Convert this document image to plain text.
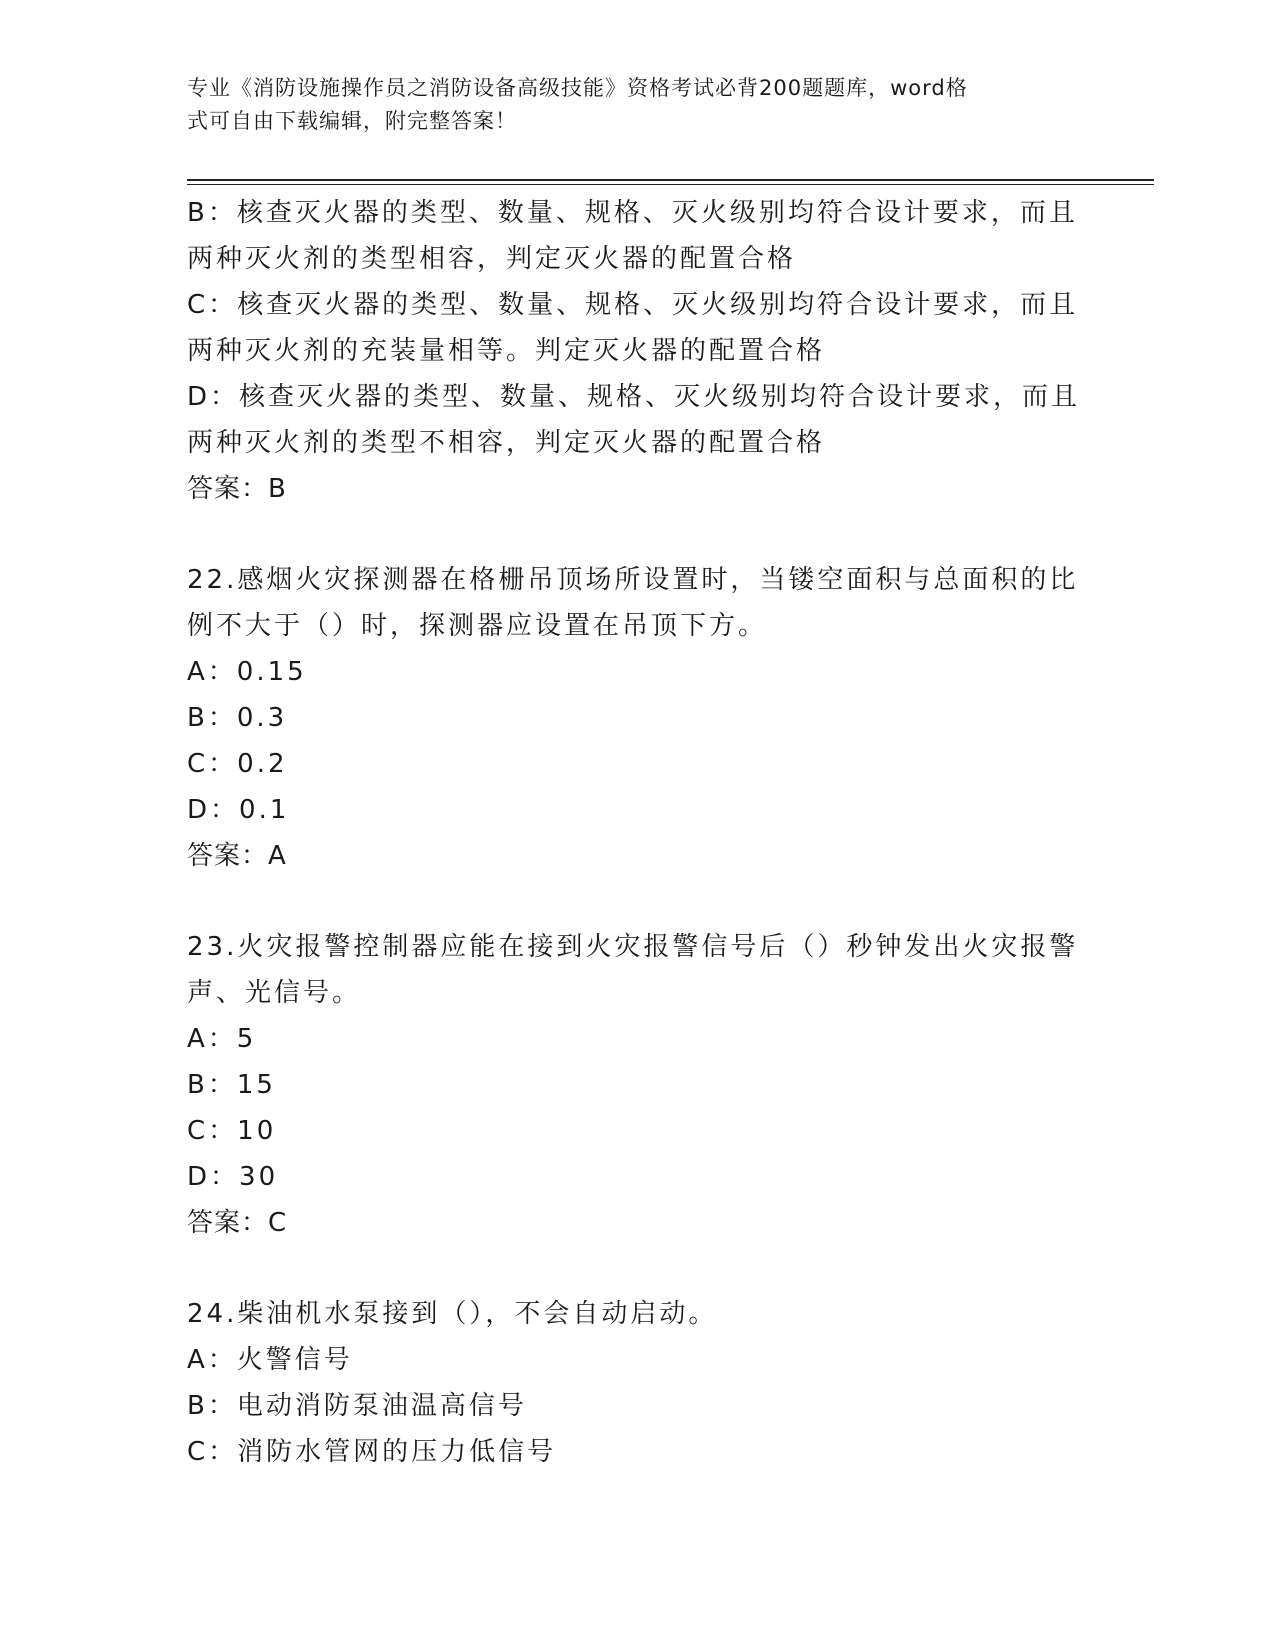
专业《消防设施操作员之消防设备高级技能》资格考试必背200题题库，word格
式可自由下载编辑，附完整答案！
B：核查灭火器的类型、数量、规格、灭火级别均符合设计要求，而且
两种灭火剂的类型相容，判定灭火器的配置合格
C：核查灭火器的类型、数量、规格、灭火级别均符合设计要求，而且
两种灭火剂的充装量相等。判定灭火器的配置合格
D：核查灭火器的类型、数量、规格、灭火级别均符合设计要求，而且
两种灭火剂的类型不相容，判定灭火器的配置合格
答案：B
22.感烟火灾探测器在格栅吊顶场所设置时，当镂空面积与总面积的比
例不大于（）时，探测器应设置在吊顶下方。
A：0.15
B：0.3
C：0.2
D：0.1
答案：A
23.火灾报警控制器应能在接到火灾报警信号后（）秒钟发出火灾报警
声、光信号。
A：5
B：15
C：10
D：30
答案：C
24.柴油机水泵接到（），不会自动启动。
A：火警信号
B：电动消防泵油温高信号
C：消防水管网的压力低信号
